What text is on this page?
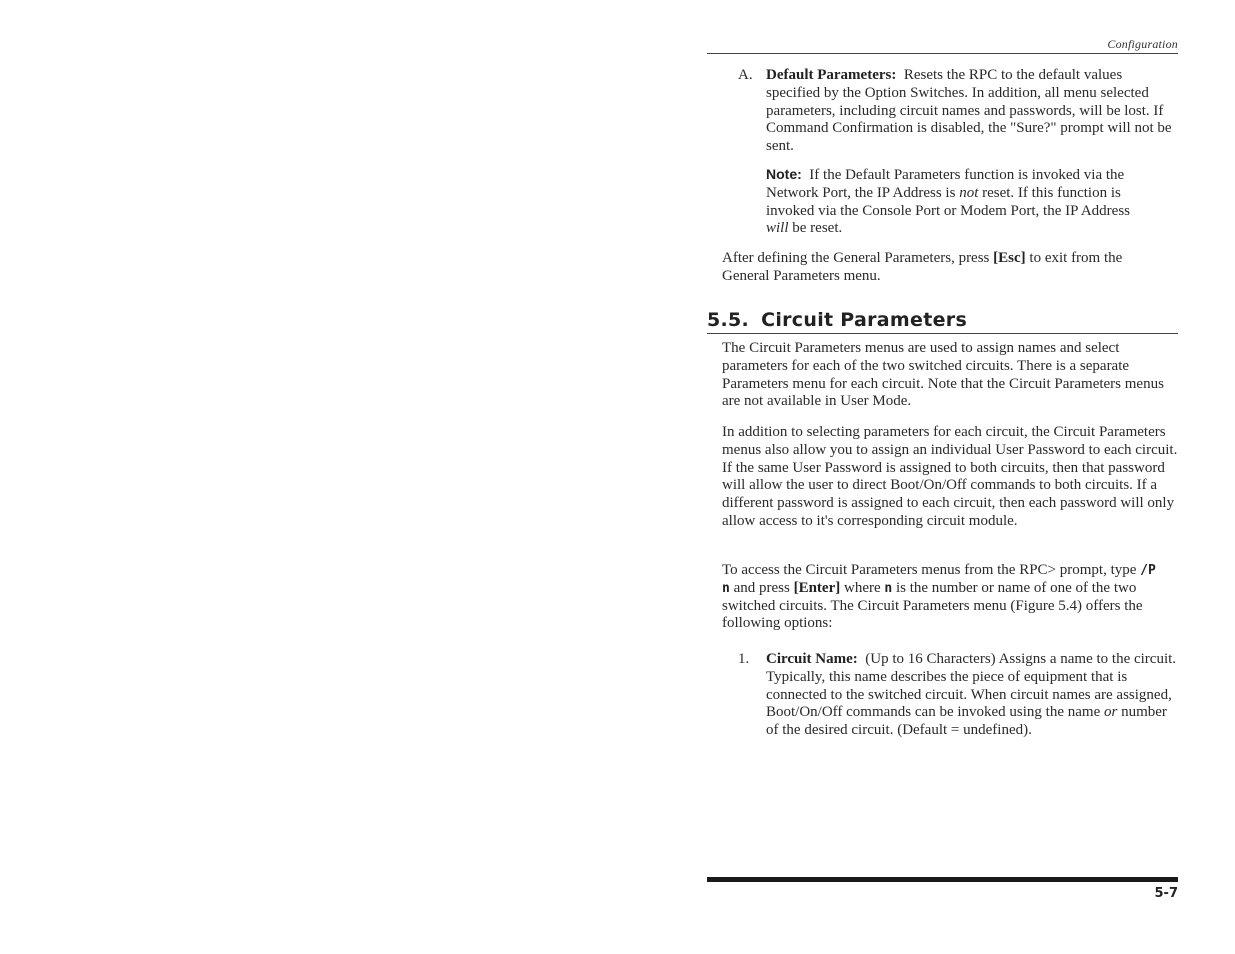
Configuration
A. Default Parameters: Resets the RPC to the default values specified by the Option Switches. In addition, all menu selected parameters, including circuit names and passwords, will be lost. If Command Confirmation is disabled, the "Sure?" prompt will not be sent.
Note: If the Default Parameters function is invoked via the Network Port, the IP Address is not reset. If this function is invoked via the Console Port or Modem Port, the IP Address will be reset.
After defining the General Parameters, press [Esc] to exit from the General Parameters menu.
5.5. Circuit Parameters
The Circuit Parameters menus are used to assign names and select parameters for each of the two switched circuits. There is a separate Parameters menu for each circuit. Note that the Circuit Parameters menus are not available in User Mode.
In addition to selecting parameters for each circuit, the Circuit Parameters menus also allow you to assign an individual User Password to each circuit. If the same User Password is assigned to both circuits, then that password will allow the user to direct Boot/On/Off commands to both circuits. If a different password is assigned to each circuit, then each password will only allow access to it's corresponding circuit module.
To access the Circuit Parameters menus from the RPC> prompt, type /P n and press [Enter] where n is the number or name of one of the two switched circuits. The Circuit Parameters menu (Figure 5.4) offers the following options:
1. Circuit Name: (Up to 16 Characters) Assigns a name to the circuit. Typically, this name describes the piece of equipment that is connected to the switched circuit. When circuit names are assigned, Boot/On/Off commands can be invoked using the name or number of the desired circuit. (Default = undefined).
5-7
